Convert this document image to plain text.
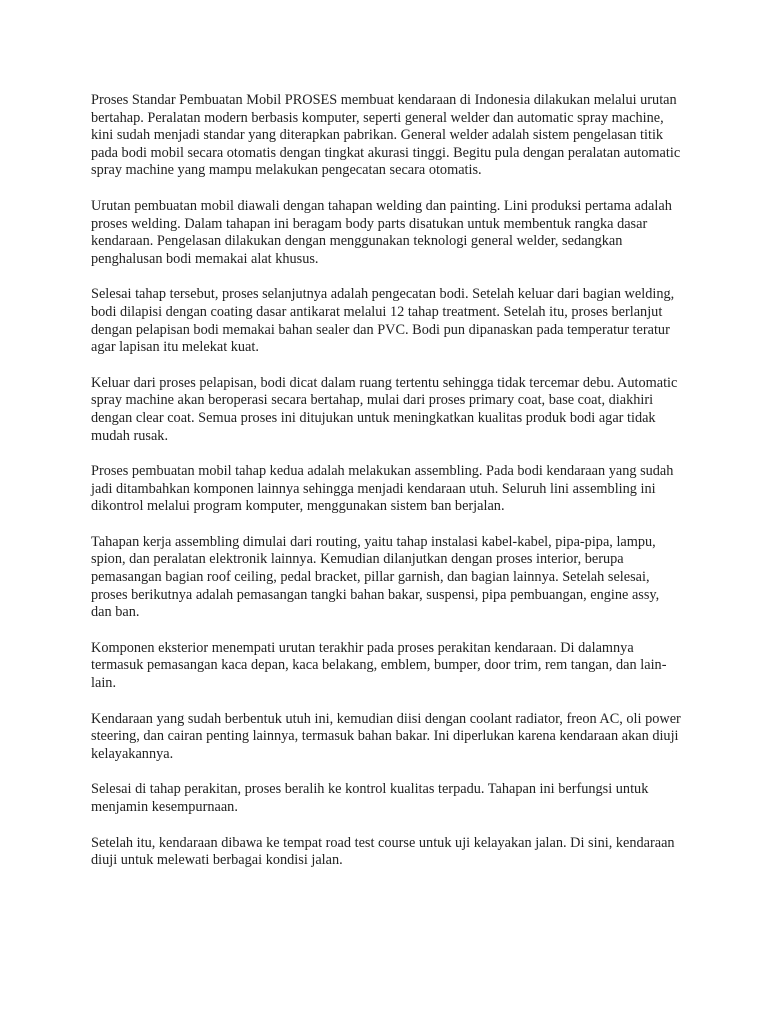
Proses Standar Pembuatan Mobil PROSES membuat kendaraan di Indonesia dilakukan melalui urutan bertahap. Peralatan modern berbasis komputer, seperti general welder dan automatic spray machine, kini sudah menjadi standar yang diterapkan pabrikan. General welder adalah sistem pengelasan titik pada bodi mobil secara otomatis dengan tingkat akurasi tinggi. Begitu pula dengan peralatan automatic spray machine yang mampu melakukan pengecatan secara otomatis.

Urutan pembuatan mobil diawali dengan tahapan welding dan painting. Lini produksi pertama adalah proses welding. Dalam tahapan ini beragam body parts disatukan untuk membentuk rangka dasar kendaraan. Pengelasan dilakukan dengan menggunakan teknologi general welder, sedangkan penghalusan bodi memakai alat khusus.

Selesai tahap tersebut, proses selanjutnya adalah pengecatan bodi. Setelah keluar dari bagian welding, bodi dilapisi dengan coating dasar antikarat melalui 12 tahap treatment. Setelah itu, proses berlanjut dengan pelapisan bodi memakai bahan sealer dan PVC. Bodi pun dipanaskan pada temperatur teratur agar lapisan itu melekat kuat.

Keluar dari proses pelapisan, bodi dicat dalam ruang tertentu sehingga tidak tercemar debu. Automatic spray machine akan beroperasi secara bertahap, mulai dari proses primary coat, base coat, diakhiri dengan clear coat. Semua proses ini ditujukan untuk meningkatkan kualitas produk bodi agar tidak mudah rusak.

Proses pembuatan mobil tahap kedua adalah melakukan assembling. Pada bodi kendaraan yang sudah jadi ditambahkan komponen lainnya sehingga menjadi kendaraan utuh. Seluruh lini assembling ini dikontrol melalui program komputer, menggunakan sistem ban berjalan.

Tahapan kerja assembling dimulai dari routing, yaitu tahap instalasi kabel-kabel, pipa-pipa, lampu, spion, dan peralatan elektronik lainnya. Kemudian dilanjutkan dengan proses interior, berupa pemasangan bagian roof ceiling, pedal bracket, pillar garnish, dan bagian lainnya. Setelah selesai, proses berikutnya adalah pemasangan tangki bahan bakar, suspensi, pipa pembuangan, engine assy, dan ban.

Komponen eksterior menempati urutan terakhir pada proses perakitan kendaraan. Di dalamnya termasuk pemasangan kaca depan, kaca belakang, emblem, bumper, door trim, rem tangan, dan lain-lain.

Kendaraan yang sudah berbentuk utuh ini, kemudian diisi dengan coolant radiator, freon AC, oli power steering, dan cairan penting lainnya, termasuk bahan bakar. Ini diperlukan karena kendaraan akan diuji kelayakannya.

Selesai di tahap perakitan, proses beralih ke kontrol kualitas terpadu. Tahapan ini berfungsi untuk menjamin kesempurnaan.

Setelah itu, kendaraan dibawa ke tempat road test course untuk uji kelayakan jalan. Di sini, kendaraan diuji untuk melewati berbagai kondisi jalan.
